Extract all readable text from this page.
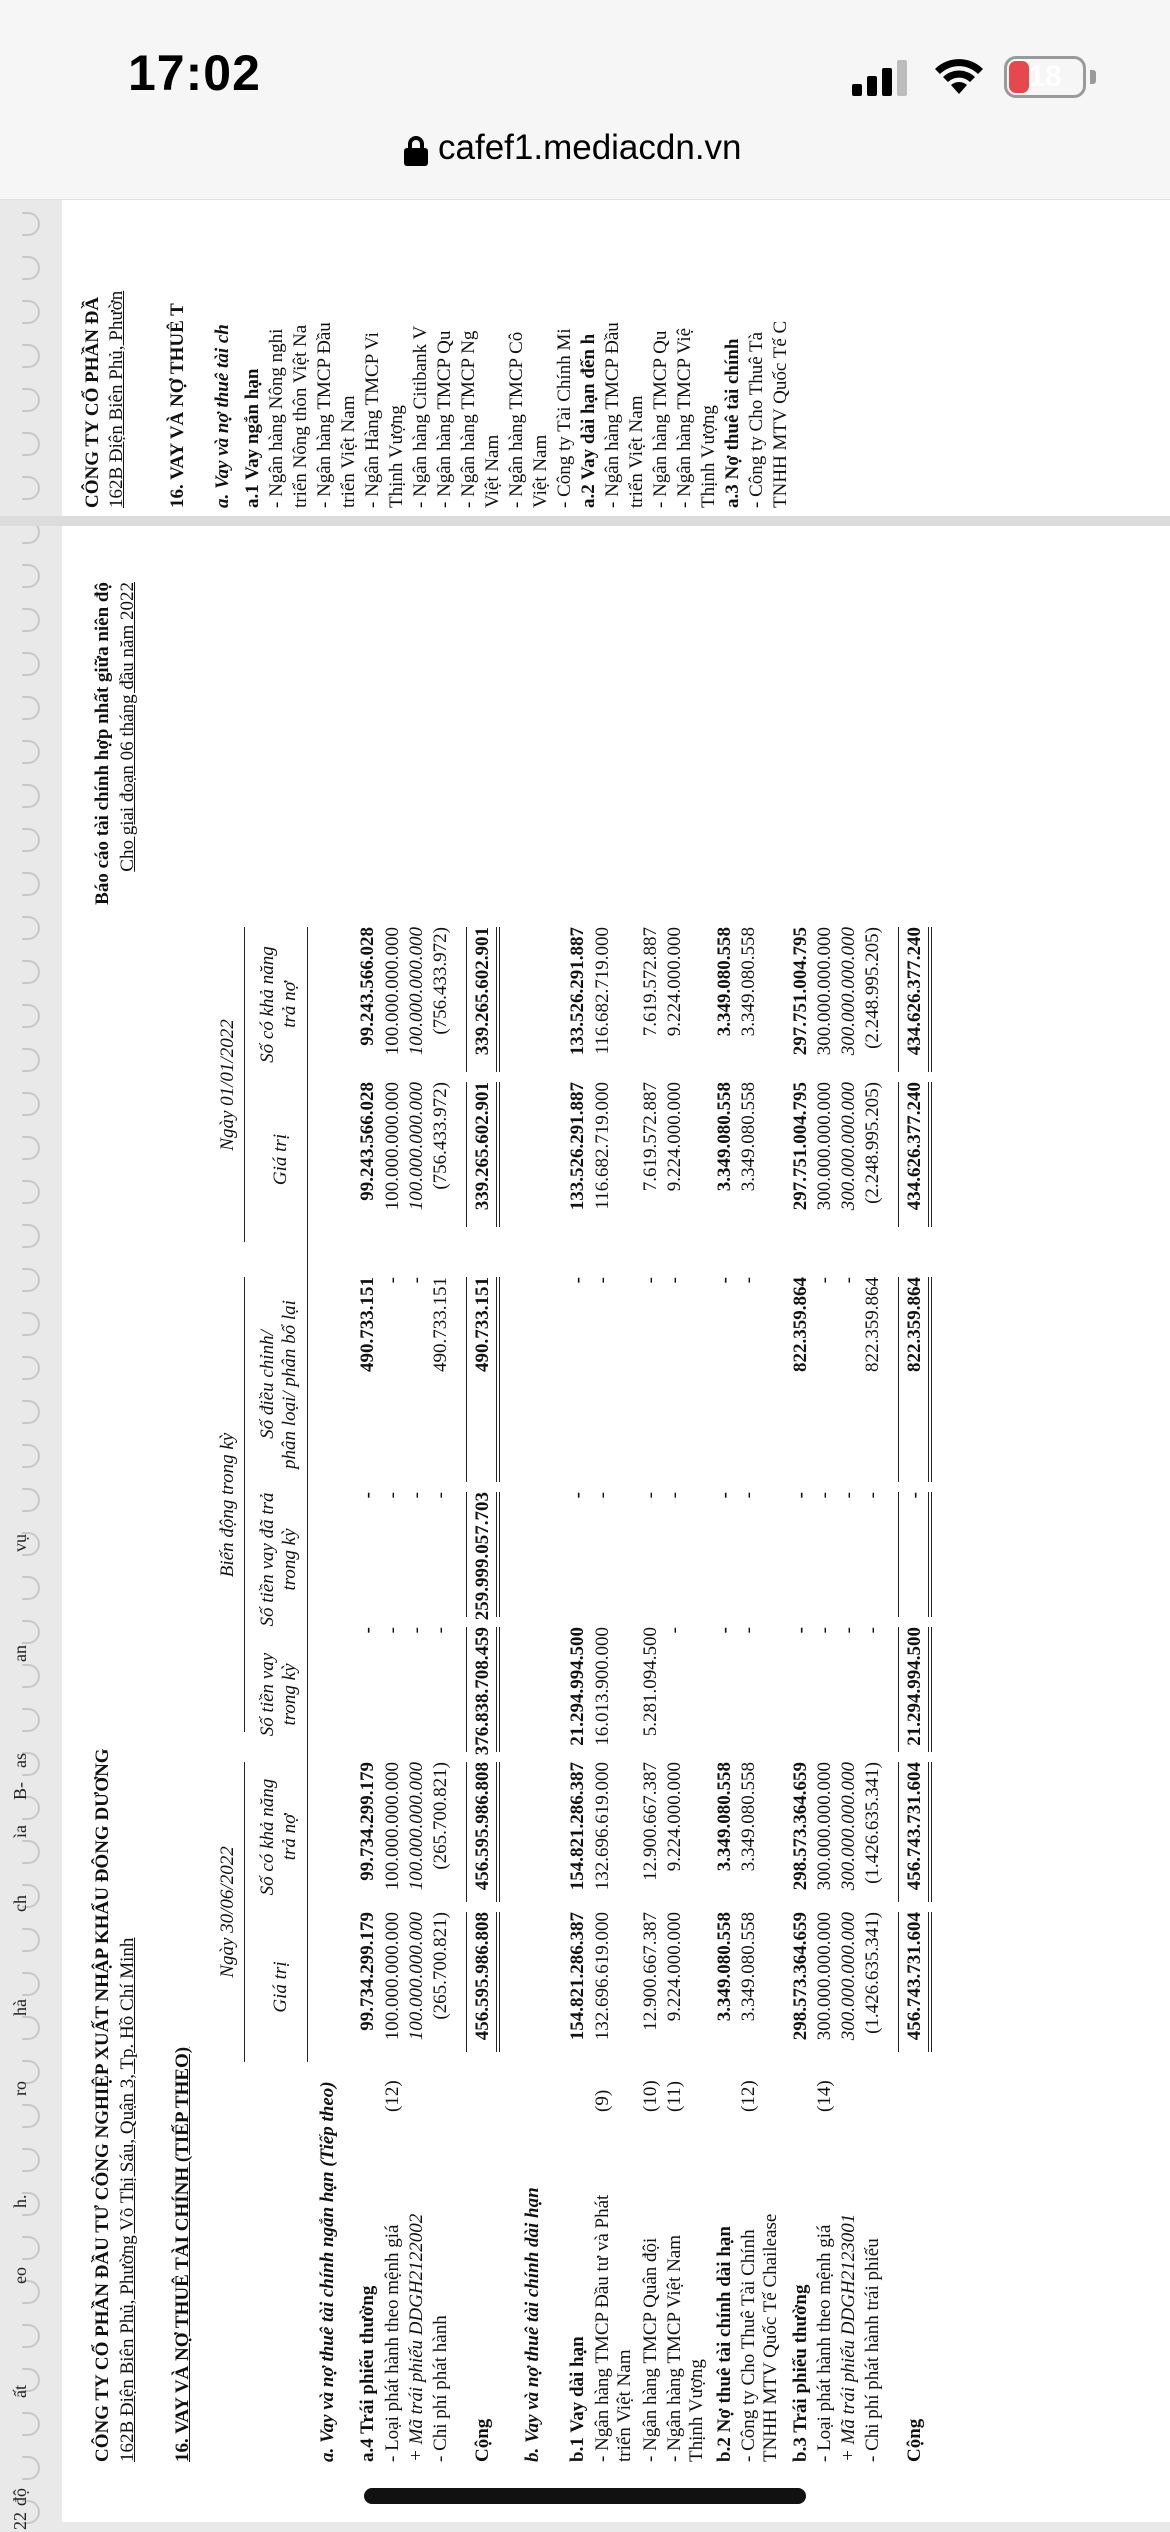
17:02	18
cafef1.mediacdn.vn
CÔNG TY CỔ PHẦN ĐẦ 162B Điện Biên Phủ, Phườn 16. VAY VÀ NỢ THUÊ T a. Vay và nợ thuê tài ch a.1 Vay ngắn hạn - Ngân hàng Nông nghi triển Nông thôn Việt Na - Ngân hàng TMCP Đầu triển Việt Nam - Ngân Hàng TMCP Vi Thịnh Vượng - Ngân hàng Citibank V - Ngân hàng TMCP Qu - Ngân hàng TMCP Ng Việt Nam - Ngân hàng TMCP Cô Việt Nam - Công ty Tài Chính Mi a.2 Vay dài hạn đến h - Ngân hàng TMCP Đầu triển Việt Nam - Ngân hàng TMCP Qu - Ngân hàng TMCP Việ Thịnh Vượng a.3 Nợ thuê tài chính - Công ty Cho Thuê Tà TNHH MTV Quốc Tế C
CÔNG TY CỔ PHẦN ĐẦU TƯ CÔNG NGHIỆP XUẤT NHẬP KHẨU ĐÔNG DƯƠNG 162B Điện Biên Phủ, Phường Võ Thị Sáu, Quận 3, Tp. Hồ Chí Minh
Báo cáo tài chính hợp nhất giữa niên độ Cho giai đoạn 06 tháng đầu năm 2022
16. VAY VÀ NỢ THUÊ TÀI CHÍNH (TIẾP THEO)
Ngày 30/06/2022
Biến động trong kỳ
Ngày 01/01/2022
Giá trị
Số có khả năng trả nợ
Số tiền vay trong kỳ
Số tiền vay đã trả trong kỳ
Số điều chỉnh/ phân loại/ phân bổ lại
Giá trị
Số có khả năng trả nợ
a. Vay và nợ thuê tài chính ngắn hạn (Tiếp theo) a.4 Trái phiếu thường
99.734.299.179
99.734.299.179
-
-
490.733.151
99.243.566.028
99.243.566.028
- Loại phát hành theo mệnh giá
(12)
100.000.000.000
100.000.000.000
-
-
-
100.000.000.000
100.000.000.000
+ Mã trái phiếu DDGH2122002
100.000.000.000
100.000.000.000
-
-
-
100.000.000.000
100.000.000.000
- Chi phí phát hành
(265.700.821)
(265.700.821)
-
-
490.733.151
(756.433.972)
(756.433.972)
Cộng
456.595.986.808
456.595.986.808
376.838.708.459
259.999.057.703
490.733.151
339.265.602.901
339.265.602.901
b. Vay và nợ thuê tài chính dài hạn b.1 Vay dài hạn
154.821.286.387
154.821.286.387
21.294.994.500
-
-
133.526.291.887
133.526.291.887
- Ngân hàng TMCP Đầu tư và Phát triển Việt Nam
(9)
132.696.619.000
132.696.619.000
16.013.900.000
-
-
116.682.719.000
116.682.719.000
- Ngân hàng TMCP Quân đội
(10)
12.900.667.387
12.900.667.387
5.281.094.500
-
-
7.619.572.887
7.619.572.887
- Ngân hàng TMCP Việt Nam Thịnh Vượng
(11)
9.224.000.000
9.224.000.000
-
-
-
9.224.000.000
9.224.000.000
b.2 Nợ thuê tài chính dài hạn
3.349.080.558
3.349.080.558
-
-
-
3.349.080.558
3.349.080.558
- Công ty Cho Thuê Tài Chính TNHH MTV Quốc Tế Chailease
(12)
3.349.080.558
3.349.080.558
-
-
-
3.349.080.558
3.349.080.558
b.3 Trái phiếu thường
298.573.364.659
298.573.364.659
-
-
822.359.864
297.751.004.795
297.751.004.795
- Loại phát hành theo mệnh giá
(14)
300.000.000.000
300.000.000.000
-
-
-
300.000.000.000
300.000.000.000
+ Mã trái phiếu DDGH2123001
300.000.000.000
300.000.000.000
-
-
-
300.000.000.000
300.000.000.000
- Chi phí phát hành trái phiếu
(1.426.635.341)
(1.426.635.341)
-
-
822.359.864
(2.248.995.205)
(2.248.995.205)
Cộng
456.743.731.604
456.743.731.604
21.294.994.500
-
822.359.864
434.626.377.240
434.626.377.240
độ
22
ất
eo
h.
ro
hà
ch
ìa
B-
as
an
vụ
